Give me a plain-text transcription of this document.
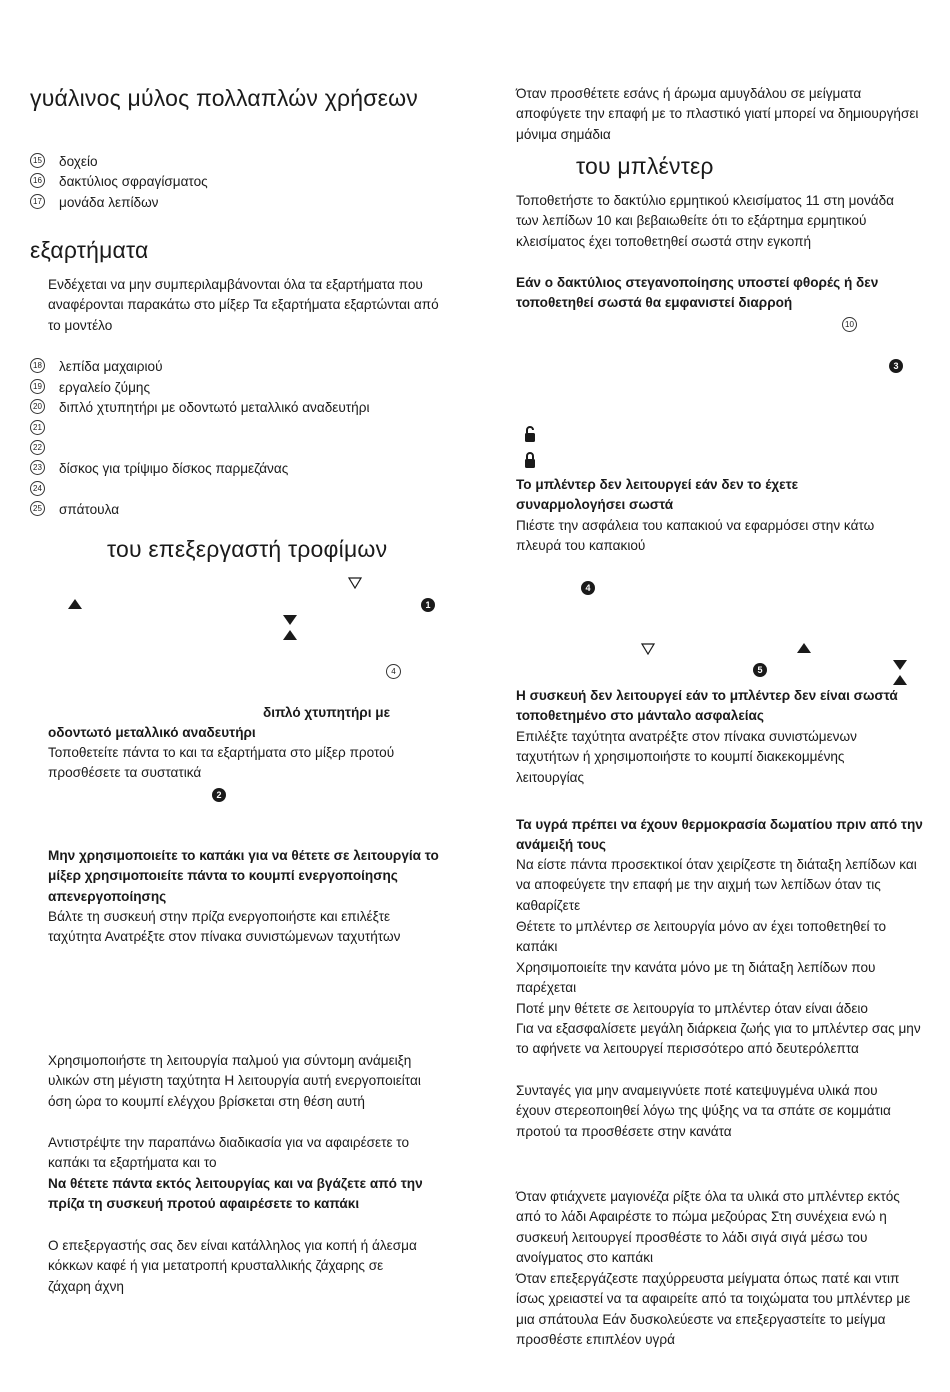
γυάλινος μύλος πολλαπλών χρήσεων
15 δοχείο
16 δακτύλιος σφραγίσματος
17 μονάδα λεπίδων
εξαρτήματα
Ενδέχεται να μην συμπεριλαμβάνονται όλα τα εξαρτήματα που αναφέρονται παρακάτω στο μίξερ Τα εξαρτήματα εξαρτώνται από το μοντέλο
18 λεπίδα μαχαιριού
19 εργαλείο ζύμης
20 διπλό χτυπητήρι με οδοντωτό μεταλλικό αναδευτήρι
21
22
23 δίσκος για τρίψιμο δίσκος παρμεζάνας
24
25 σπάτουλα
του επεξεργαστή τροφίμων
1
4
διπλό χτυπητήρι με
οδοντωτό μεταλλικό αναδευτήρι
Τοποθετείτε πάντα το και τα εξαρτήματα στο μίξερ προτού προσθέσετε τα συστατικά
2
Μην χρησιμοποιείτε το καπάκι για να θέτετε σε λειτουργία το μίξερ χρησιμοποιείτε πάντα το κουμπί ενεργοποίησης απενεργοποίησης
Βάλτε τη συσκευή στην πρίζα ενεργοποιήστε και επιλέξτε ταχύτητα Ανατρέξτε στον πίνακα συνιστώμενων ταχυτήτων
Χρησιμοποιήστε τη λειτουργία παλμού για σύντομη ανάμειξη υλικών στη μέγιστη ταχύτητα Η λειτουργία αυτή ενεργοποιείται όση ώρα το κουμπί ελέγχου βρίσκεται στη θέση αυτή
Αντιστρέψτε την παραπάνω διαδικασία για να αφαιρέσετε το καπάκι τα εξαρτήματα και το
Να θέτετε πάντα εκτός λειτουργίας και να βγάζετε από την πρίζα τη συσκευή προτού αφαιρέσετε το καπάκι
Ο επεξεργαστής σας δεν είναι κατάλληλος για κοπή ή άλεσμα κόκκων καφέ ή για μετατροπή κρυσταλλικής ζάχαρης σε ζάχαρη άχνη
Όταν προσθέτετε εσάνς ή άρωμα αμυγδάλου σε μείγματα αποφύγετε την επαφή με το πλαστικό γιατί μπορεί να δημιουργήσει μόνιμα σημάδια
του μπλέντερ
Τοποθετήστε το δακτύλιο ερμητικού κλεισίματος 11 στη μονάδα των λεπίδων 10 και βεβαιωθείτε ότι το εξάρτημα ερμητικού κλεισίματος έχει τοποθετηθεί σωστά στην εγκοπή
Εάν ο δακτύλιος στεγανοποίησης υποστεί φθορές ή δεν τοποθετηθεί σωστά θα εμφανιστεί διαρροή
10
3
Το μπλέντερ δεν λειτουργεί εάν δεν το έχετε συναρμολογήσει σωστά
Πιέστε την ασφάλεια του καπακιού να εφαρμόσει στην κάτω πλευρά του καπακιού
4
5
Η συσκευή δεν λειτουργεί εάν το μπλέντερ δεν είναι σωστά τοποθετημένο στο μάνταλο ασφαλείας
Επιλέξτε ταχύτητα ανατρέξτε στον πίνακα συνιστώμενων ταχυτήτων ή χρησιμοποιήστε το κουμπί διακεκομμένης λειτουργίας
Τα υγρά πρέπει να έχουν θερμοκρασία δωματίου πριν από την ανάμειξή τους
Να είστε πάντα προσεκτικοί όταν χειρίζεστε τη διάταξη λεπίδων και να αποφεύγετε την επαφή με την αιχμή των λεπίδων όταν τις καθαρίζετε
Θέτετε το μπλέντερ σε λειτουργία μόνο αν έχει τοποθετηθεί το καπάκι
Χρησιμοποιείτε την κανάτα μόνο με τη διάταξη λεπίδων που παρέχεται
Ποτέ μην θέτετε σε λειτουργία το μπλέντερ όταν είναι άδειο
Για να εξασφαλίσετε μεγάλη διάρκεια ζωής για το μπλέντερ σας μην το αφήνετε να λειτουργεί περισσότερο από δευτερόλεπτα
Συνταγές για μην αναμειγνύετε ποτέ κατεψυγμένα υλικά που έχουν στερεοποιηθεί λόγω της ψύξης να τα σπάτε σε κομμάτια προτού τα προσθέσετε στην κανάτα
Όταν φτιάχνετε μαγιονέζα ρίξτε όλα τα υλικά στο μπλέντερ εκτός από το λάδι Αφαιρέστε το πώμα μεζούρας Στη συνέχεια ενώ η συσκευή λειτουργεί προσθέστε το λάδι σιγά σιγά μέσω του ανοίγματος στο καπάκι
Όταν επεξεργάζεστε παχύρρευστα μείγματα όπως πατέ και ντιπ ίσως χρειαστεί να τα αφαιρείτε από τα τοιχώματα του μπλέντερ με μια σπάτουλα Εάν δυσκολεύεστε να επεξεργαστείτε το μείγμα προσθέστε επιπλέον υγρά
